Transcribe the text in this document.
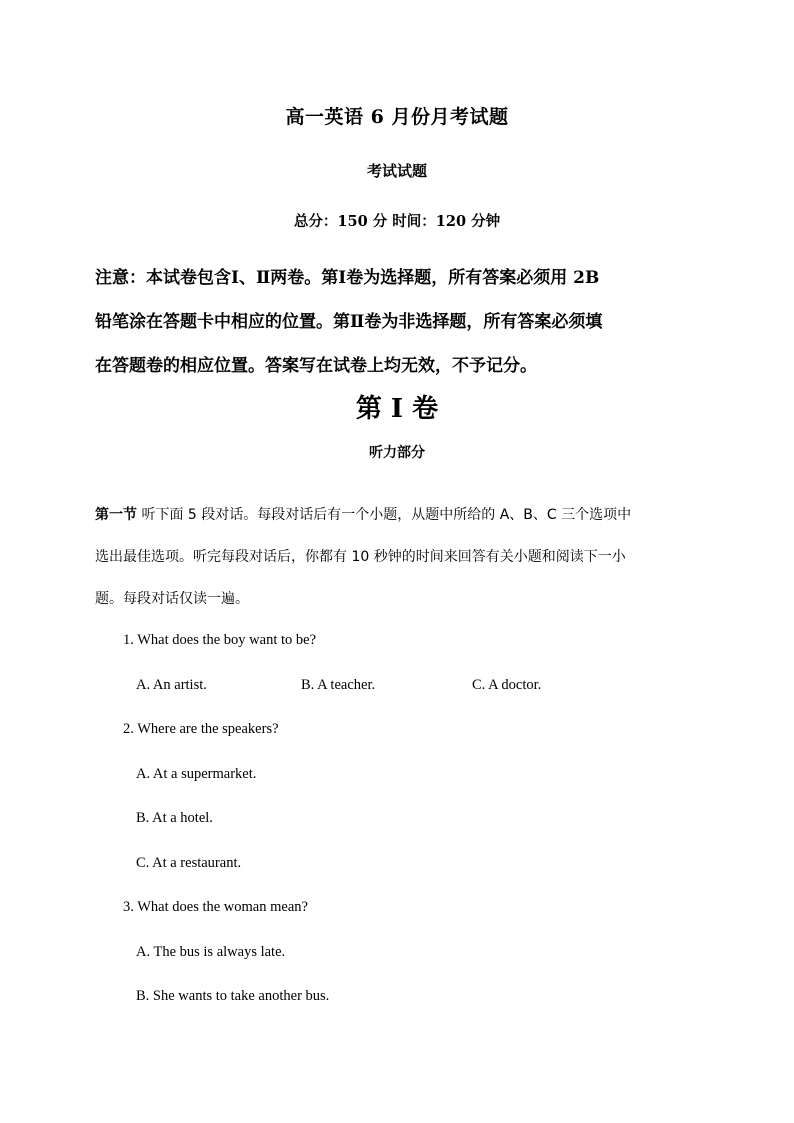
高一英语 6 月份月考试题
考试试题
总分：150 分 时间：120 分钟
注意：本试卷包含Ⅰ、Ⅱ两卷。第Ⅰ卷为选择题，所有答案必须用 2B
铅笔涂在答题卡中相应的位置。第Ⅱ卷为非选择题，所有答案必须填
在答题卷的相应位置。答案写在试卷上均无效，不予记分。
第 I 卷
听力部分
第一节 听下面 5 段对话。每段对话后有一个小题，从题中所给的 A、B、C 三个选项中
选出最佳选项。听完每段对话后，你都有 10 秒钟的时间来回答有关小题和阅读下一小
题。每段对话仅读一遍。
1. What does the boy want to be?
A. An artist.	B. A teacher.	C. A doctor.
2. Where are the speakers?
A. At a supermarket.
B. At a hotel.
C. At a restaurant.
3. What does the woman mean?
A. The bus is always late.
B. She wants to take another bus.
